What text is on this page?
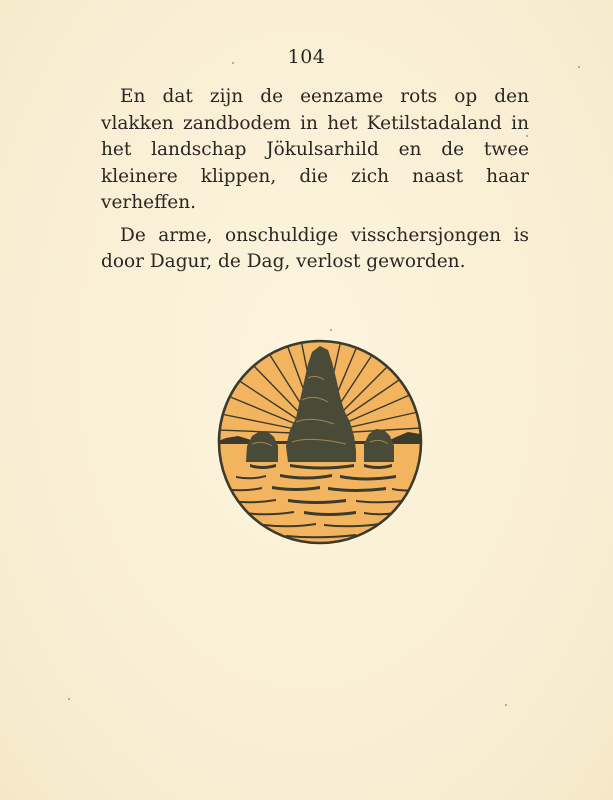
104

En dat zijn de eenzame rots op den vlakken zandbodem in het Ketilstadaland in het landschap Jökulsarhild en de twee kleinere klippen, die zich naast haar verheffen.

De arme, onschuldige visschersjongen is door Dagur, de Dag, verlost geworden.
